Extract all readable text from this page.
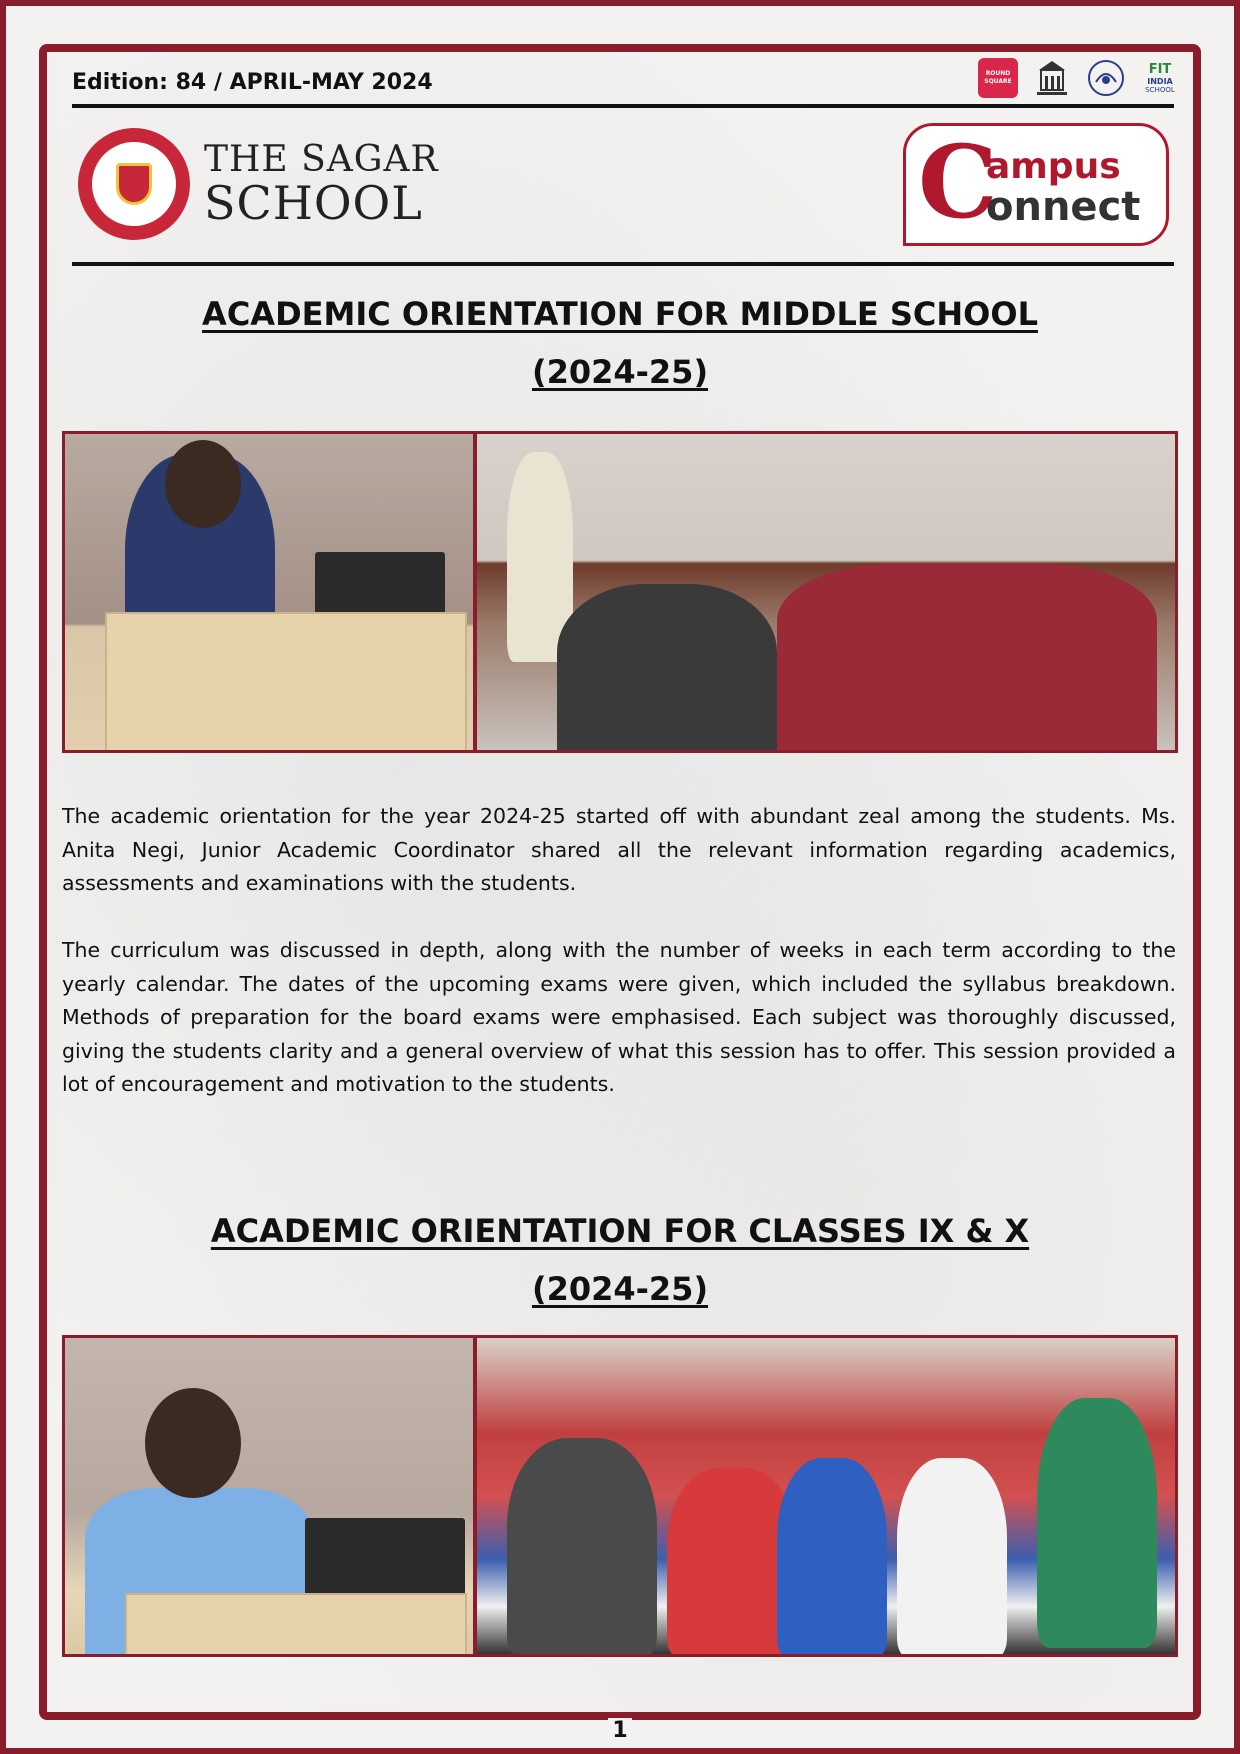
Edition: 84 / APRIL-MAY 2024	ROUND SQUARE
FIT
INDIA
SCHOOL
THE SAGAR
SCHOOL	C
ampus
onnect
ACADEMIC ORIENTATION FOR MIDDLE SCHOOL
(2024-25)
The academic orientation for the year 2024-25 started off with abundant zeal among the students. Ms. Anita Negi, Junior Academic Coordinator shared all the relevant information regarding academics, assessments and examinations with the students.
The curriculum was discussed in depth, along with the number of weeks in each term according to the yearly calendar. The dates of the upcoming exams were given, which included the syllabus breakdown. Methods of preparation for the board exams were emphasised. Each subject was thoroughly discussed, giving the students clarity and a general overview of what this session has to offer. This session provided a lot of encouragement and motivation to the students.
ACADEMIC ORIENTATION FOR CLASSES IX & X
(2024-25)
1
